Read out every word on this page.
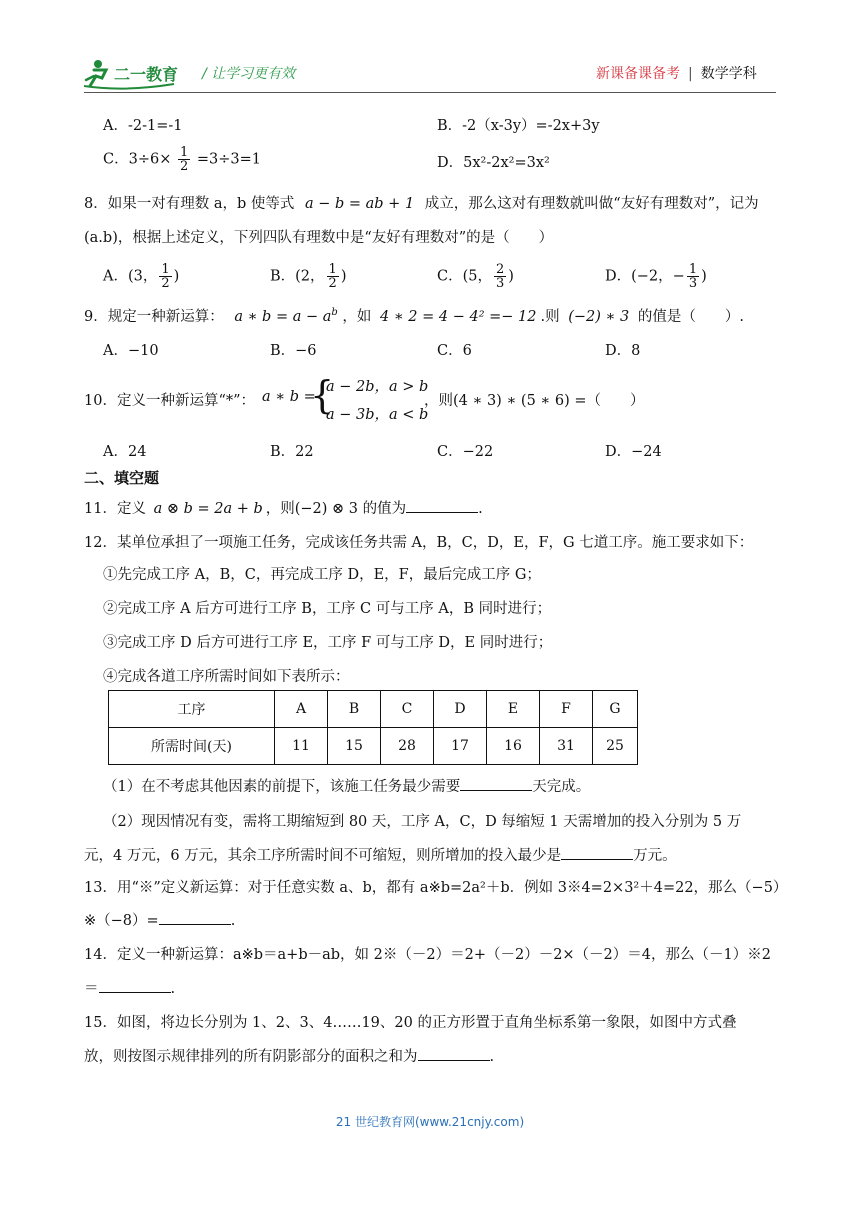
二一教育 / 让学习更有效	新课备课备考 | 数学学科
A．-2-1=-1	B．-2（x-3y）=-2x+3y
C．$3\div 6\times \frac{1}{2} =3\div 3=1$	D．5x²-2x²=3x²
8．如果一对有理数 a，b 使等式 a − b = ab + 1 成立，那么这对有理数就叫做“友好有理数对”，记为
(a.b)，根据上述定义，下列四队有理数中是“友好有理数对”的是（　　）
A．(3， $\frac{1}{2}$ )	B．(2， $\frac{1}{2}$ )	C．(5， $\frac{2}{3}$ )	D．(−2，− $\frac{1}{3}$ )
9．规定一种新运算： a ∗ $b = a - a^b$ ，如 4 ∗ 2 = 4 − 4² =− 12 .则 (−2) ∗ 3 的值是（　　）.
A．−10	B．−6	C．6	D．8
10．定义一种新运算“*”： a ∗ b =
{
a − 2b，a > b
a − 3b，a < b
，则(4 ∗ 3) ∗ (5 ∗ 6) =（　　）
A．24	B．22	C．−22	D．−24
二、填空题
11．定义 a ⊗ b = 2a + b ，则(−2) ⊗ 3 的值为	.
12．某单位承担了一项施工任务，完成该任务共需 A，B，C，D，E，F，G 七道工序。施工要求如下：
①先完成工序 A，B，C，再完成工序 D，E，F，最后完成工序 G；
②完成工序 A 后方可进行工序 B，工序 C 可与工序 A，B 同时进行；
③完成工序 D 后方可进行工序 E，工序 F 可与工序 D，E 同时进行；
④完成各道工序所需时间如下表所示：
工序	A	B	C	D	E	F	G
所需时间(天)	11	15	28	17	16	31	25
（1）在不考虑其他因素的前提下，该施工任务最少需要	天完成。
（2）现因情况有变，需将工期缩短到 80 天，工序 A，C，D 每缩短 1 天需增加的投入分别为 5 万
元，4 万元，6 万元，其余工序所需时间不可缩短，则所增加的投入最少是	万元。
13．用“※”定义新运算：对于任意实数 a、b，都有 a※b=2a²＋b．例如 3※4=2×3²＋4=22，那么（−5）
※（−8）=	.
14．定义一种新运算：a※b＝a+b－ab，如 2※（－2）＝2+（－2）－2×（－2）＝4，那么（－1）※2
＝	.
15．如图，将边长分别为 1、2、3、4……19、20 的正方形置于直角坐标系第一象限，如图中方式叠
放，则按图示规律排列的所有阴影部分的面积之和为	.
21 世纪教育网(www.21cnjy.com)
